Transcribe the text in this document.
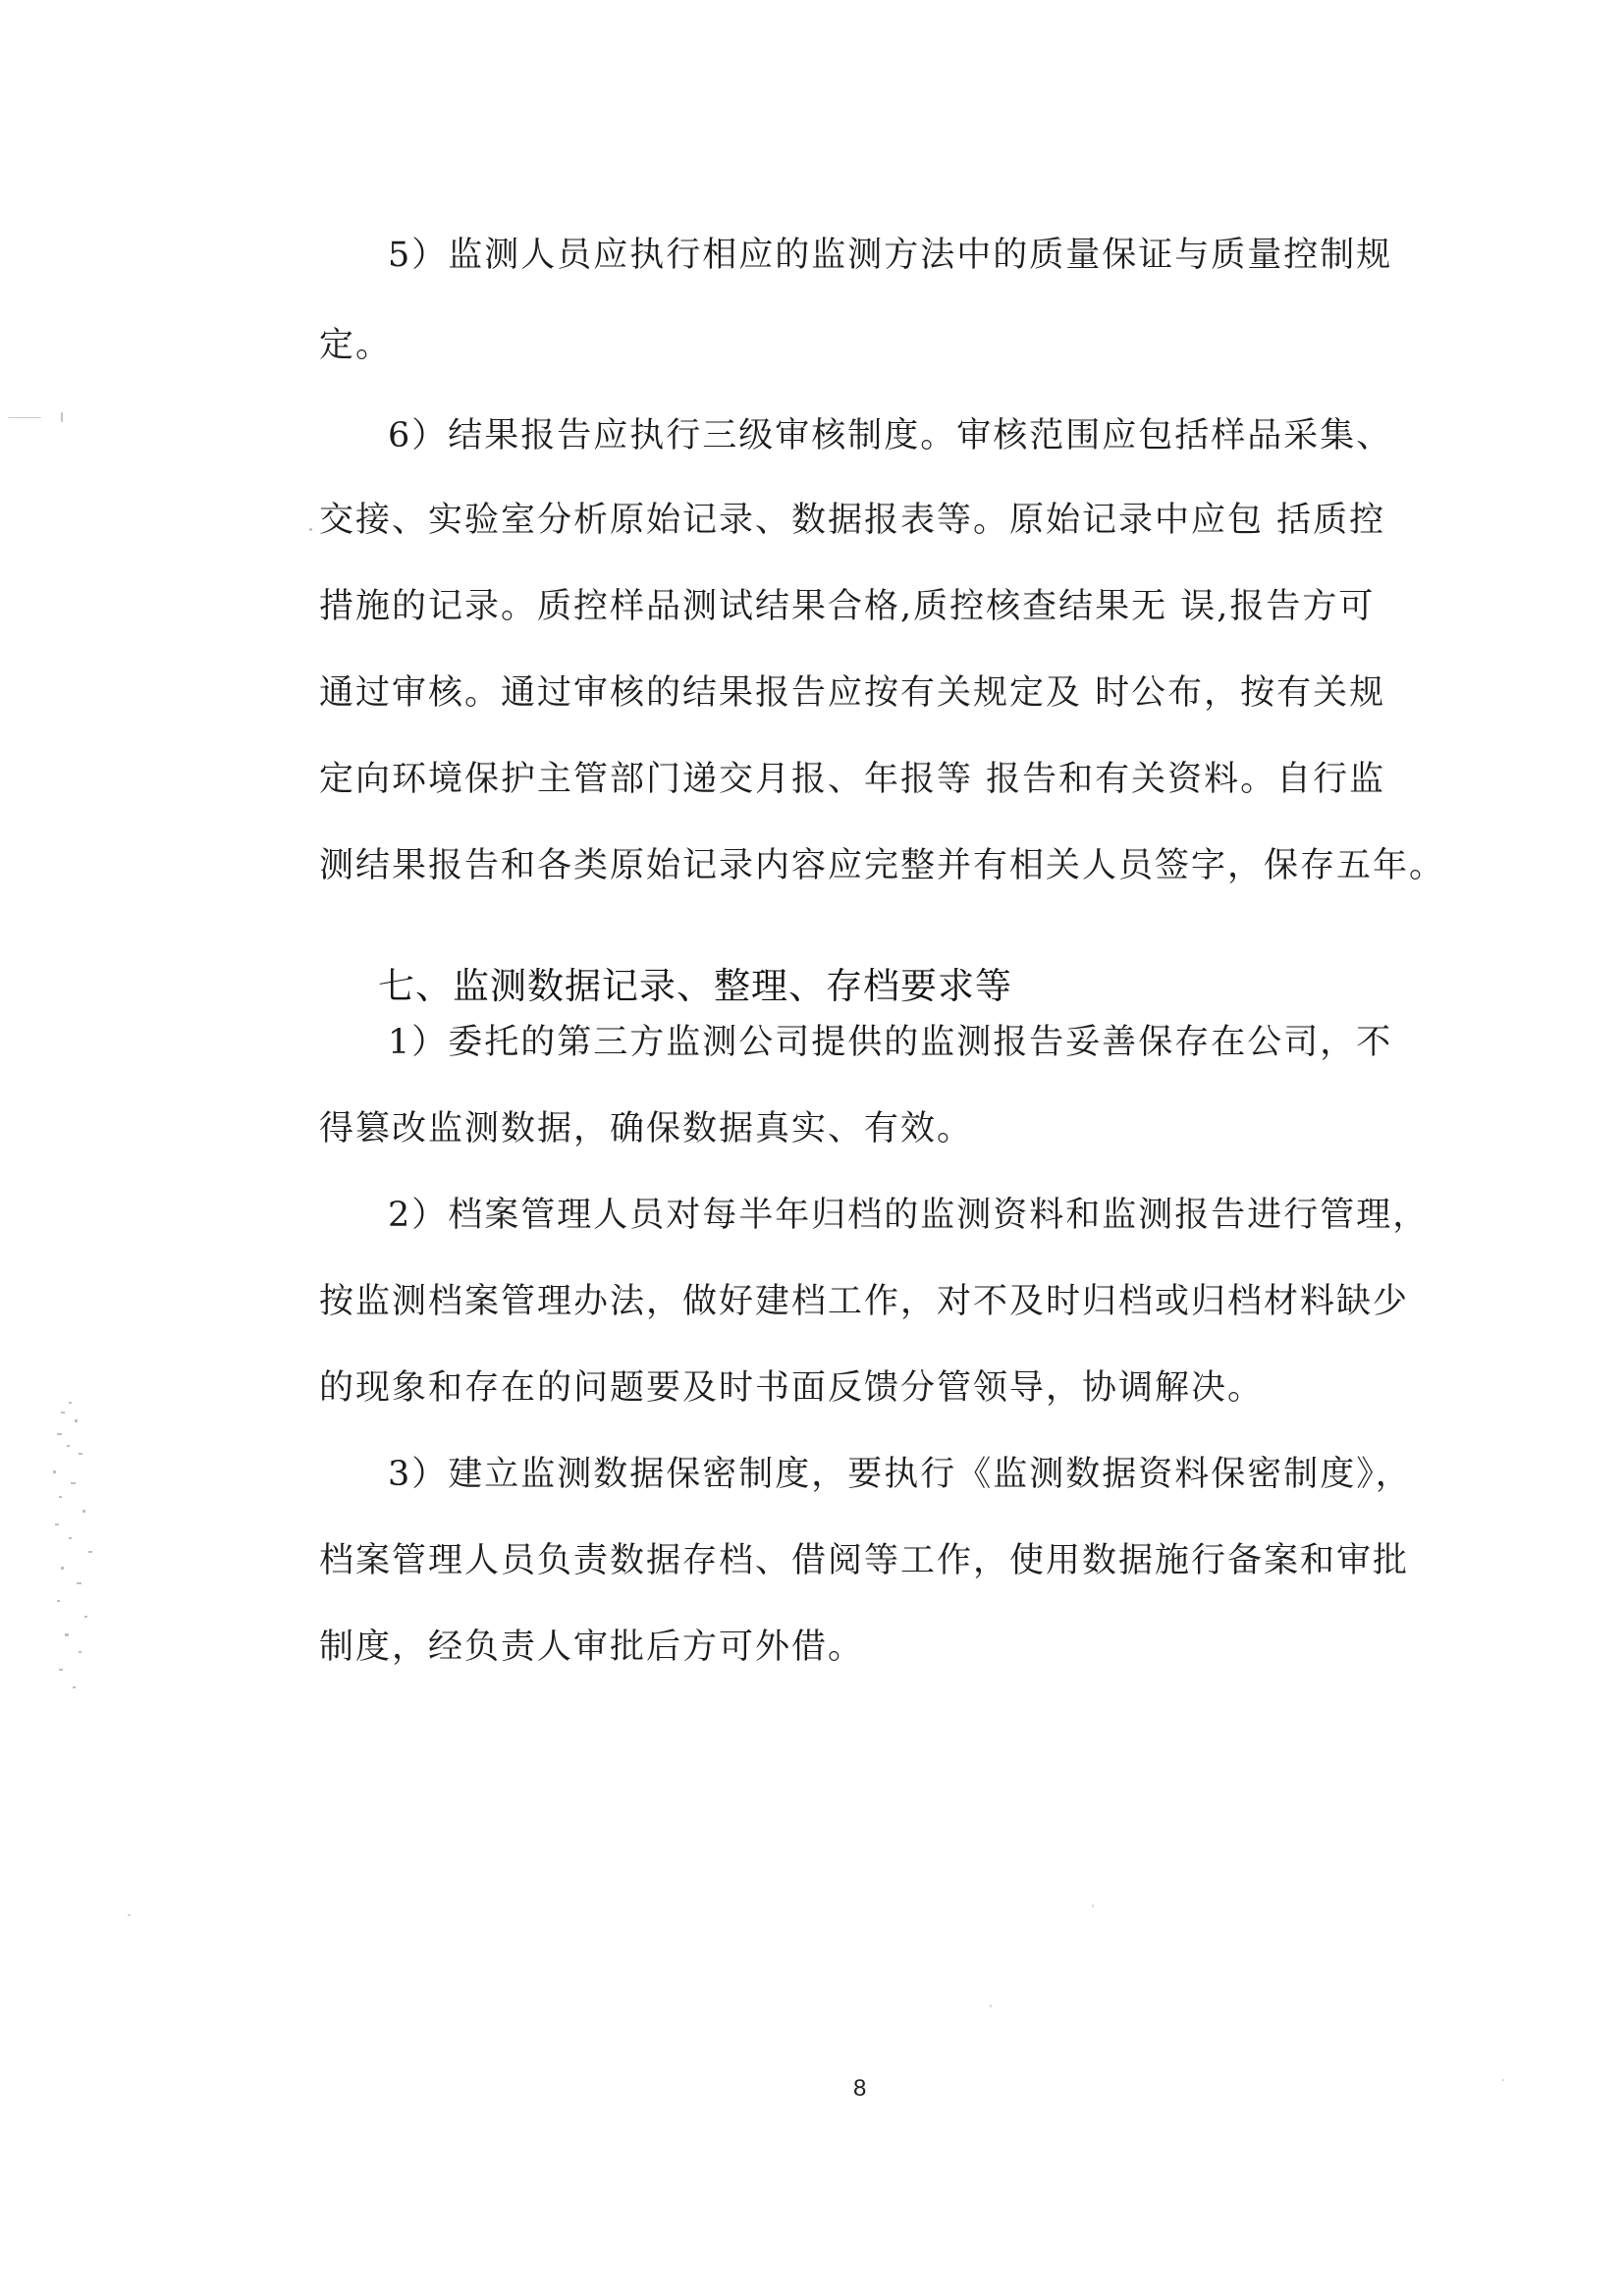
5）监测人员应执行相应的监测方法中的质量保证与质量控制规
定。
6）结果报告应执行三级审核制度。审核范围应包括样品采集、
交接、实验室分析原始记录、数据报表等。原始记录中应包 括质控
措施的记录。质控样品测试结果合格,质控核查结果无 误,报告方可
通过审核。通过审核的结果报告应按有关规定及 时公布，按有关规
定向环境保护主管部门递交月报、年报等 报告和有关资料。自行监
测结果报告和各类原始记录内容应完整并有相关人员签字，保存五年。
七、监测数据记录、整理、存档要求等
1）委托的第三方监测公司提供的监测报告妥善保存在公司，不
得篡改监测数据，确保数据真实、有效。
2）档案管理人员对每半年归档的监测资料和监测报告进行管理，
按监测档案管理办法，做好建档工作，对不及时归档或归档材料缺少
的现象和存在的问题要及时书面反馈分管领导，协调解决。
3）建立监测数据保密制度，要执行《监测数据资料保密制度》，
档案管理人员负责数据存档、借阅等工作，使用数据施行备案和审批
制度，经负责人审批后方可外借。
8
